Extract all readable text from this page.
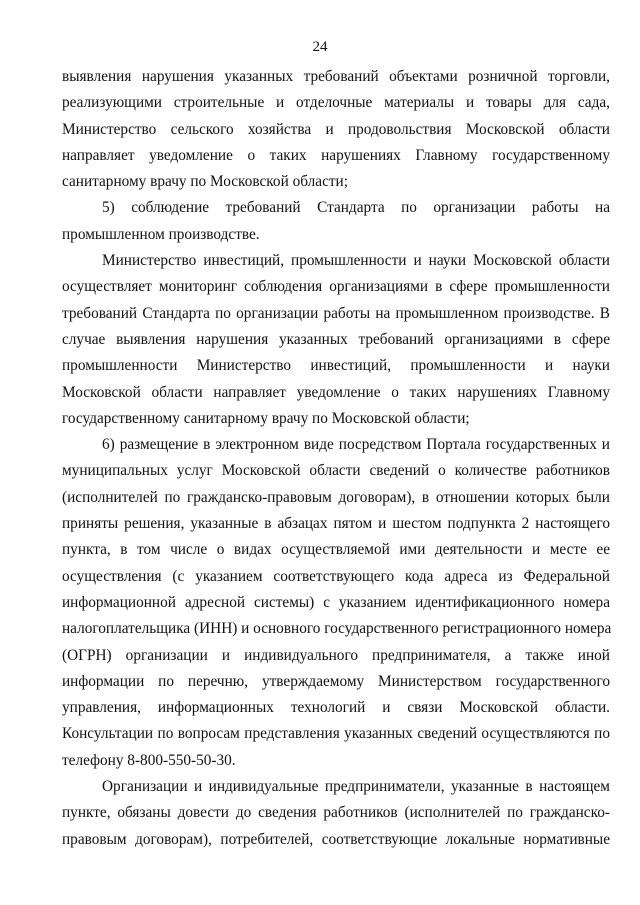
24
выявления нарушения указанных требований объектами розничной торговли,
реализующими строительные и отделочные материалы и товары для сада,
Министерство сельского хозяйства и продовольствия Московской области
направляет уведомление о таких нарушениях Главному государственному
санитарному врачу по Московской области;
5) соблюдение требований Стандарта по организации работы на
промышленном производстве.
Министерство инвестиций, промышленности и науки Московской области
осуществляет мониторинг соблюдения организациями в сфере промышленности
требований Стандарта по организации работы на промышленном производстве. В
случае выявления нарушения указанных требований организациями в сфере
промышленности Министерство инвестиций, промышленности и науки
Московской области направляет уведомление о таких нарушениях Главному
государственному санитарному врачу по Московской области;
6) размещение в электронном виде посредством Портала государственных и
муниципальных услуг Московской области сведений о количестве работников
(исполнителей по гражданско-правовым договорам), в отношении которых были
приняты решения, указанные в абзацах пятом и шестом подпункта 2 настоящего
пункта, в том числе о видах осуществляемой ими деятельности и месте ее
осуществления (с указанием соответствующего кода адреса из Федеральной
информационной адресной системы) с указанием идентификационного номера
налогоплательщика (ИНН) и основного государственного регистрационного номера
(ОГРН) организации и индивидуального предпринимателя, а также иной
информации по перечню, утверждаемому Министерством государственного
управления, информационных технологий и связи Московской области.
Консультации по вопросам представления указанных сведений осуществляются по
телефону 8-800-550-50-30.
Организации и индивидуальные предприниматели, указанные в настоящем
пункте, обязаны довести до сведения работников (исполнителей по гражданско-
правовым договорам), потребителей, соответствующие локальные нормативные
